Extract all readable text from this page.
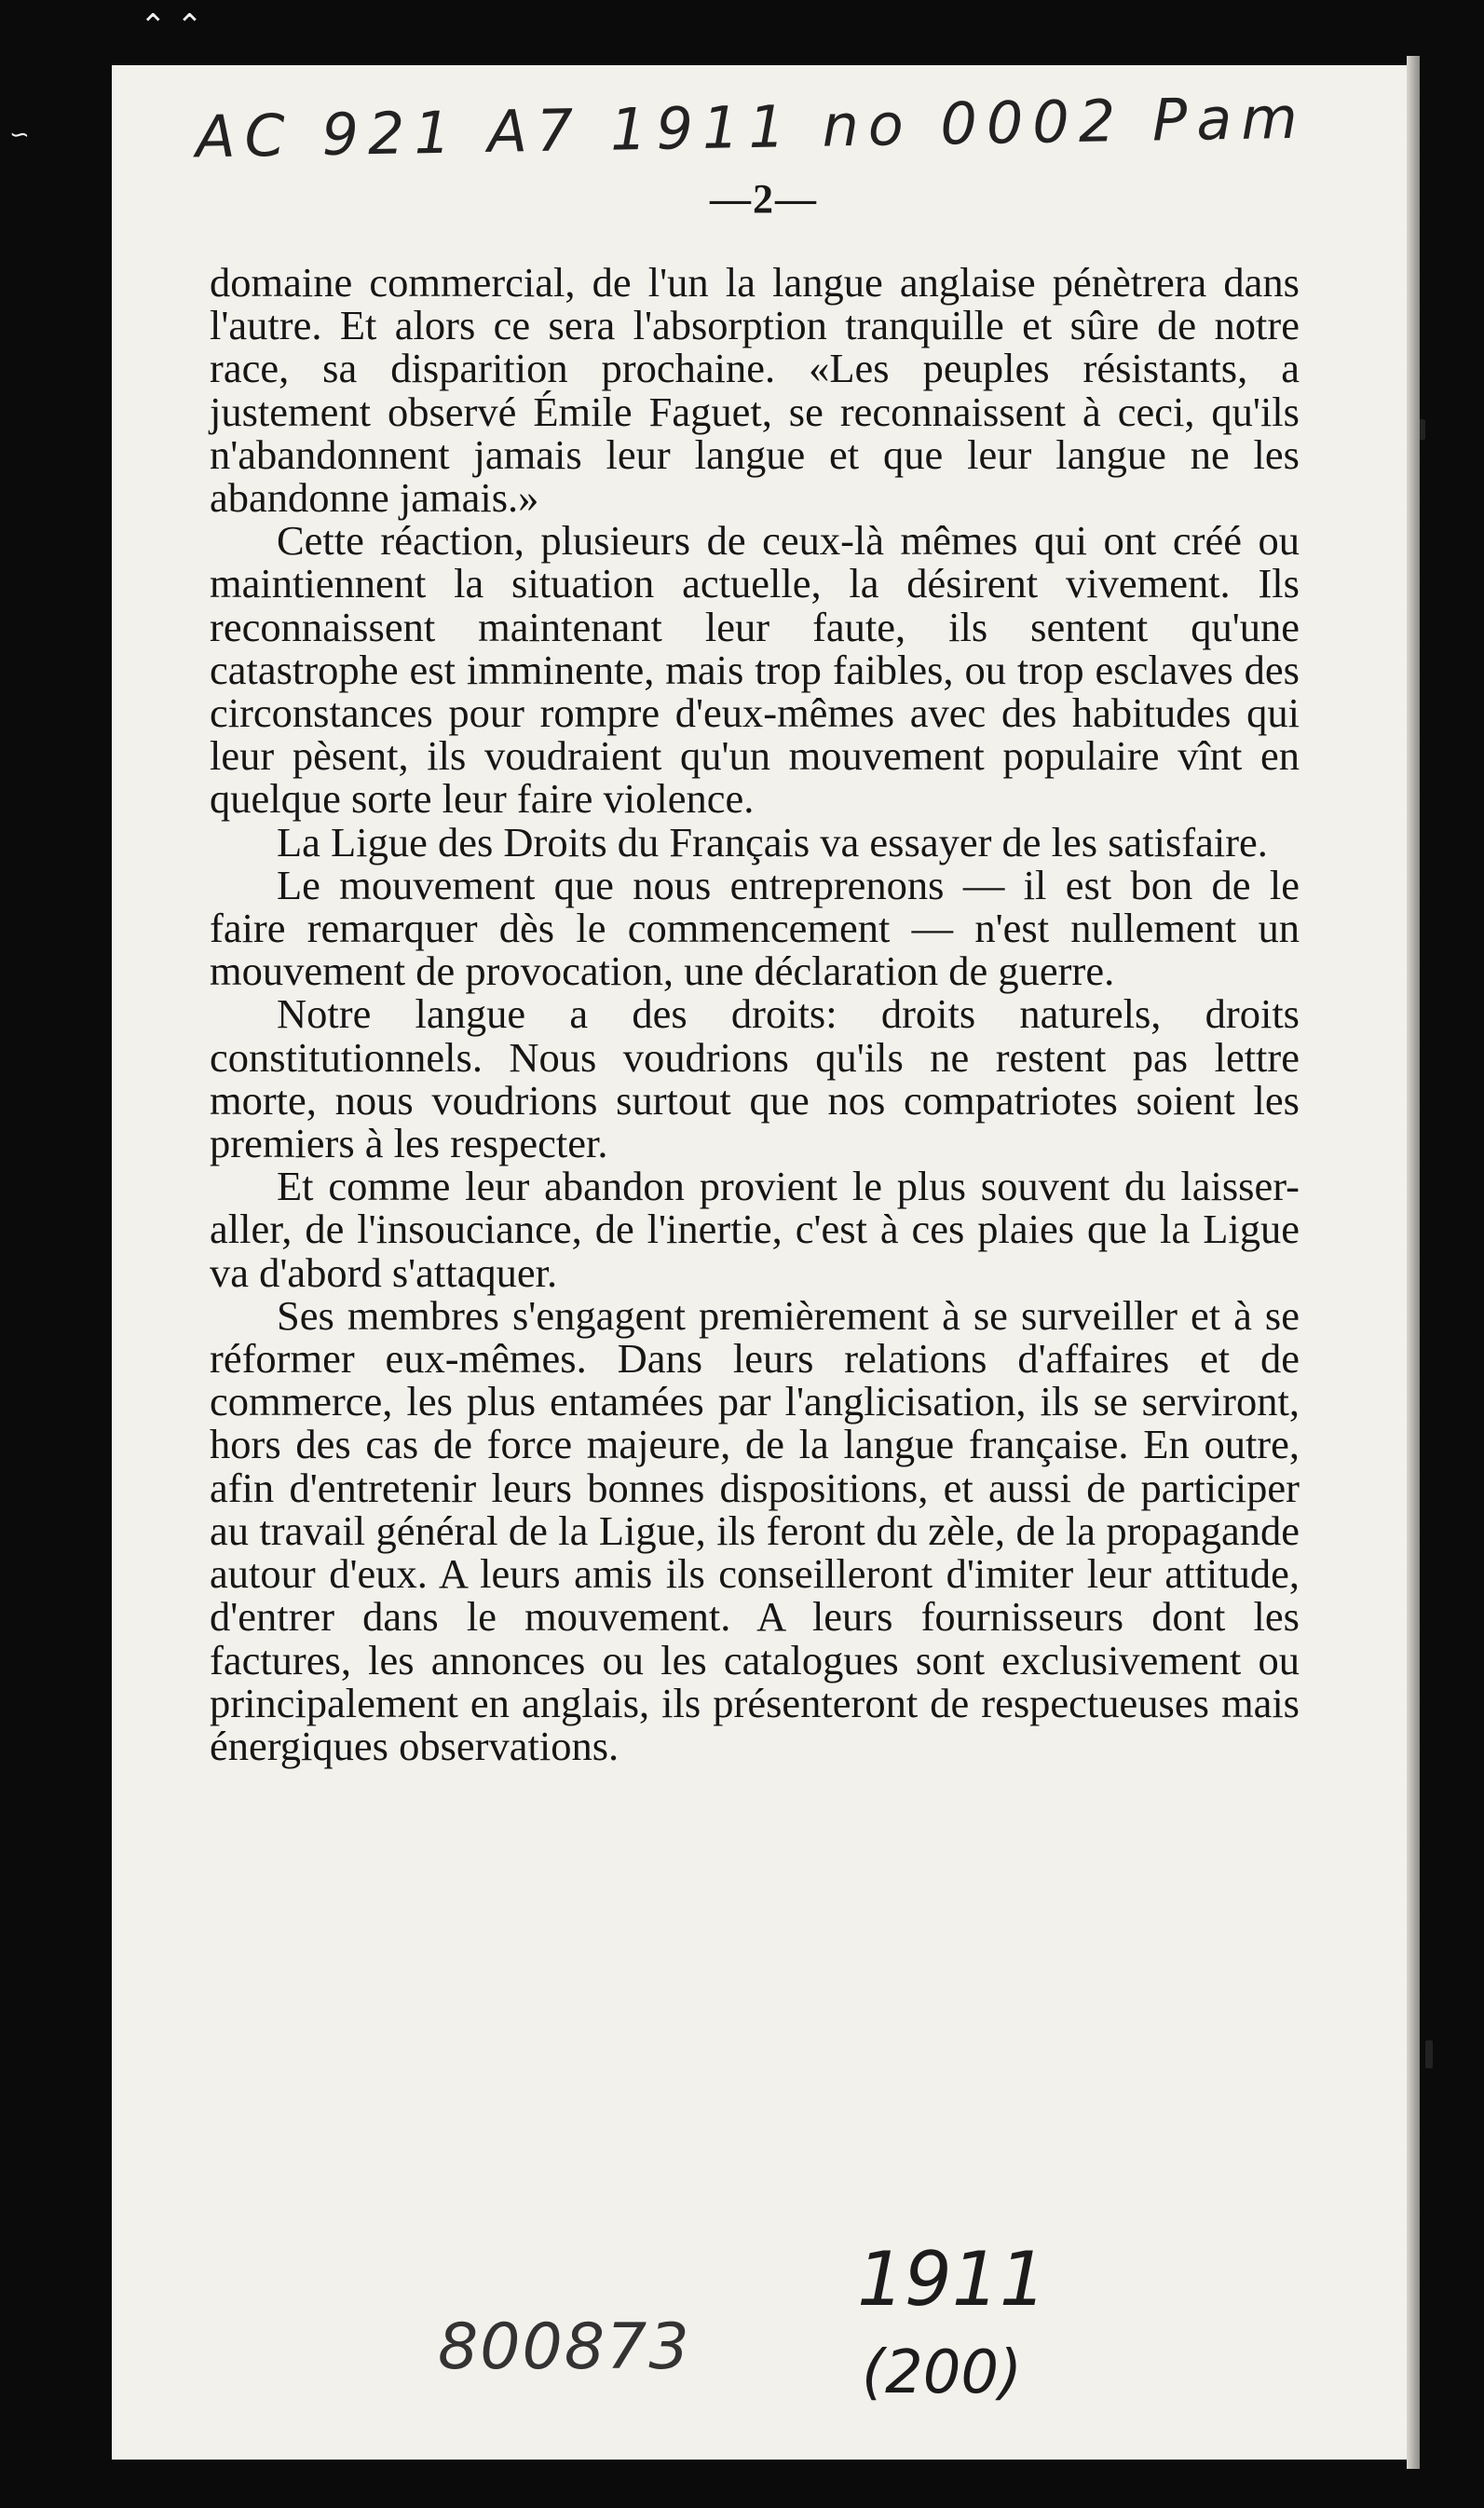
⌃ ⌃
∽	AC 921 A7 1911 no 0002 Pam
—2—

domaine commercial, de l'un la langue anglaise pénètrera dans l'autre. Et alors ce sera l'absorption tranquille et sûre de notre race, sa disparition prochaine. «Les peuples résistants, a justement observé Émile Faguet, se reconnaissent à ceci, qu'ils n'abandonnent jamais leur langue et que leur langue ne les abandonne jamais.»

Cette réaction, plusieurs de ceux-là mêmes qui ont créé ou maintiennent la situation actuelle, la désirent vivement. Ils reconnaissent maintenant leur faute, ils sentent qu'une catastrophe est imminente, mais trop faibles, ou trop esclaves des circonstances pour rompre d'eux-mêmes avec des habitudes qui leur pèsent, ils voudraient qu'un mouvement populaire vînt en quelque sorte leur faire violence.

La Ligue des Droits du Français va essayer de les satisfaire.

Le mouvement que nous entreprenons — il est bon de le faire remarquer dès le commencement — n'est nullement un mouvement de provocation, une déclaration de guerre.

Notre langue a des droits: droits naturels, droits constitutionnels. Nous voudrions qu'ils ne restent pas lettre morte, nous voudrions surtout que nos compatriotes soient les premiers à les respecter.

Et comme leur abandon provient le plus souvent du laisser-aller, de l'insouciance, de l'inertie, c'est à ces plaies que la Ligue va d'abord s'attaquer.

Ses membres s'engagent premièrement à se surveiller et à se réformer eux-mêmes. Dans leurs relations d'affaires et de commerce, les plus entamées par l'anglicisation, ils se serviront, hors des cas de force majeure, de la langue française. En outre, afin d'entretenir leurs bonnes dispositions, et aussi de participer au travail général de la Ligue, ils feront du zèle, de la propagande autour d'eux. A leurs amis ils conseilleront d'imiter leur attitude, d'entrer dans le mouvement. A leurs fournisseurs dont les factures, les annonces ou les catalogues sont exclusivement ou principalement en anglais, ils présenteront de respectueuses mais énergiques observations.

800873
1911
(200)
